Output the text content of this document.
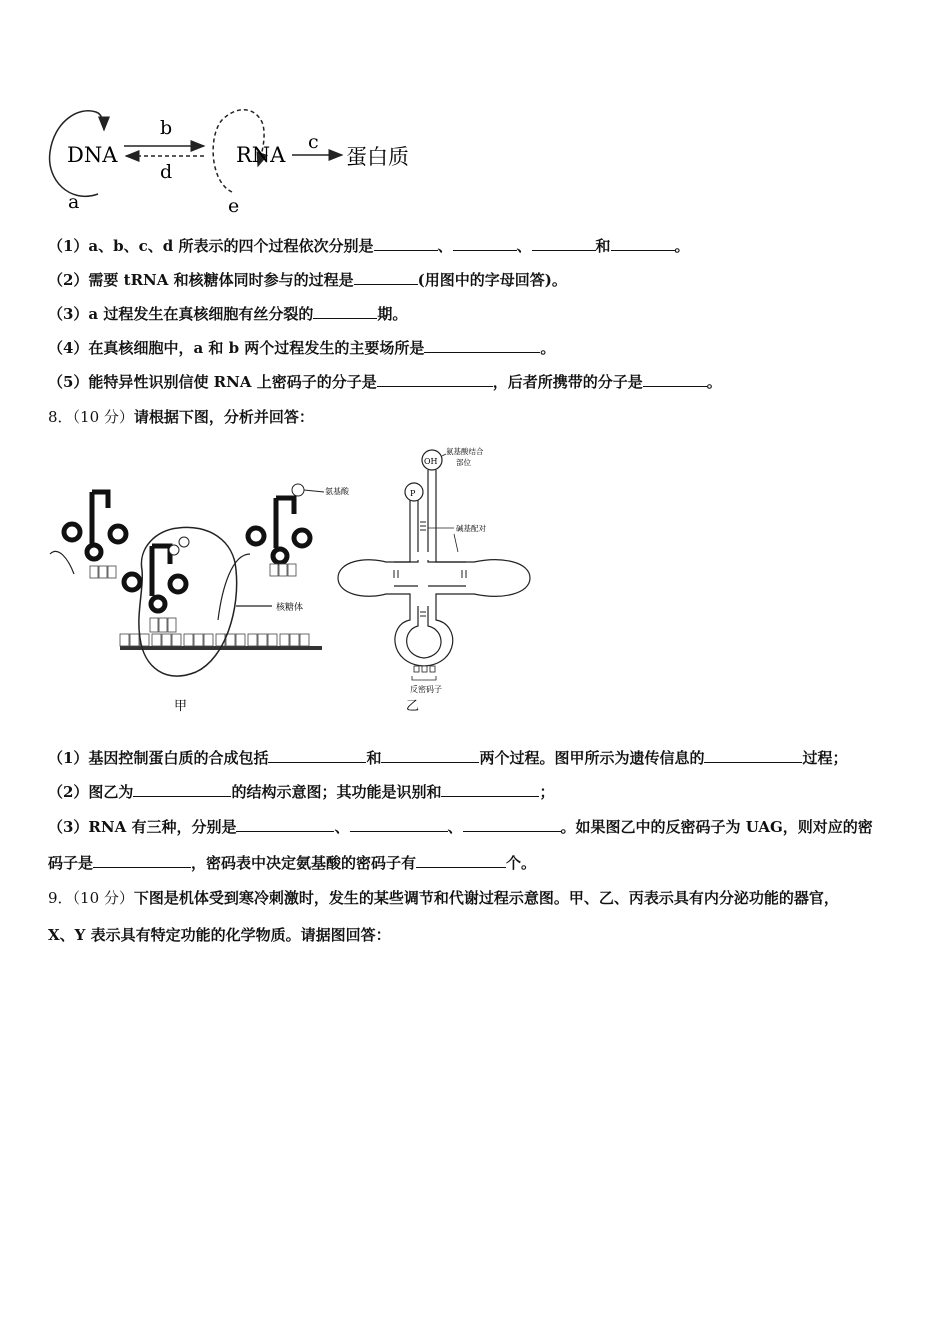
DNA
a
b
d
RNA
e
c
蛋白质
（1）a、b、c、d 所表示的四个过程依次分别是	、	、	和	。
（2）需要 tRNA 和核糖体同时参与的过程是	(用图中的字母回答)。
（3）a 过程发生在真核细胞有丝分裂的	期。
（4）在真核细胞中，a 和 b 两个过程发生的主要场所是	。
（5）能特异性识别信使 RNA 上密码子的分子是	，后者所携带的分子是	。
8．（10 分）请根据下图，分析并回答：
核糖体
氨基酸
甲
OH
P
氨基酸结合
部位
碱基配对
反密码子
乙
（1）基因控制蛋白质的合成包括	和	两个过程。图甲所示为遗传信息的	过程；
（2）图乙为	的结构示意图；其功能是识别和	；
（3）RNA 有三种，分别是	、	、	。如果图乙中的反密码子为 UAG，则对应的密
码子是	，密码表中决定氨基酸的密码子有	个。
9．（10 分）下图是机体受到寒冷刺激时，发生的某些调节和代谢过程示意图。甲、乙、丙表示具有内分泌功能的器官，
X、Y 表示具有特定功能的化学物质。请据图回答：
